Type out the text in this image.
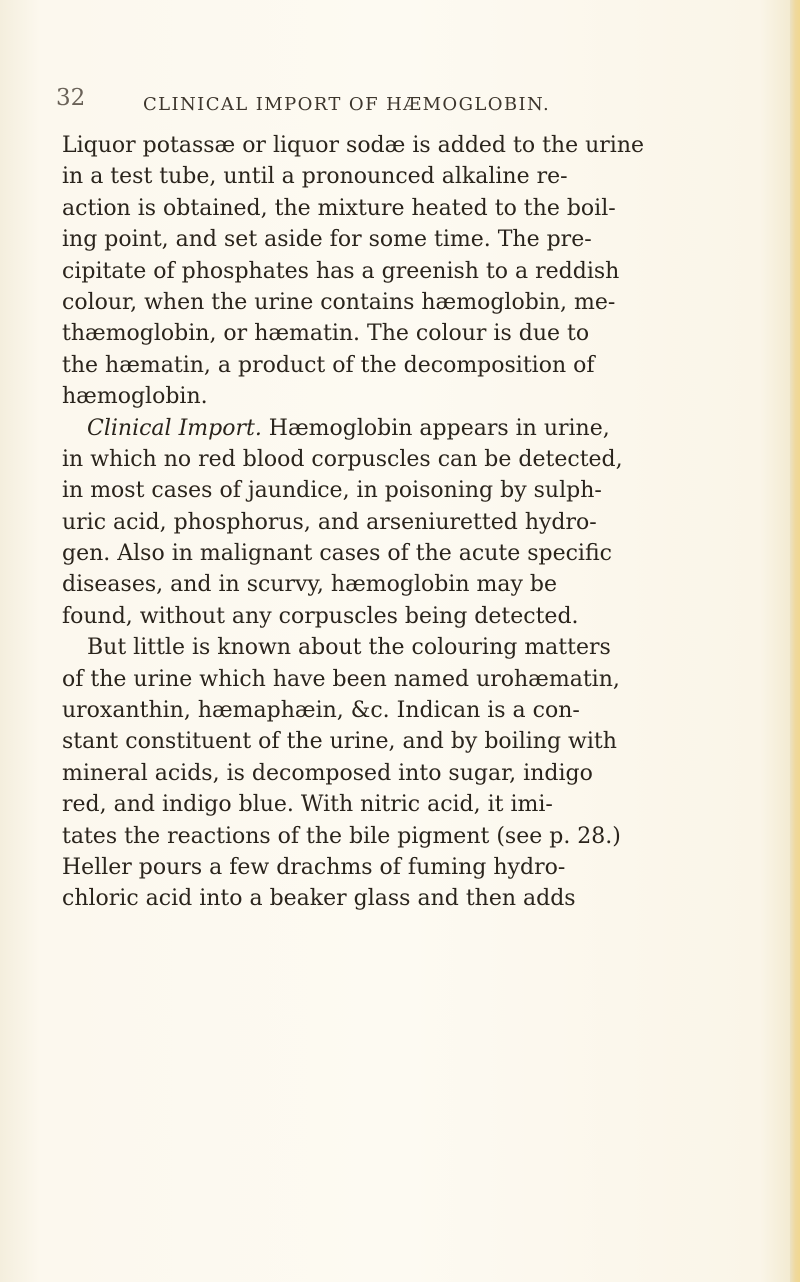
32	CLINICAL IMPORT OF HÆMOGLOBIN.
Liquor potassæ or liquor sodæ is added to the urine
in a test tube, until a pronounced alkaline re-
action is obtained, the mixture heated to the boil-
ing point, and set aside for some time. The pre-
cipitate of phosphates has a greenish to a reddish
colour, when the urine contains hæmoglobin, me-
thæmoglobin, or hæmatin. The colour is due to
the hæmatin, a product of the decomposition of
hæmoglobin.
Clinical Import. Hæmoglobin appears in urine,
in which no red blood corpuscles can be detected,
in most cases of jaundice, in poisoning by sulph-
uric acid, phosphorus, and arseniuretted hydro-
gen. Also in malignant cases of the acute specific
diseases, and in scurvy, hæmoglobin may be
found, without any corpuscles being detected.
But little is known about the colouring matters
of the urine which have been named urohæmatin,
uroxanthin, hæmaphæin, &c. Indican is a con-
stant constituent of the urine, and by boiling with
mineral acids, is decomposed into sugar, indigo
red, and indigo blue. With nitric acid, it imi-
tates the reactions of the bile pigment (see p. 28.)
Heller pours a few drachms of fuming hydro-
chloric acid into a beaker glass and then adds
